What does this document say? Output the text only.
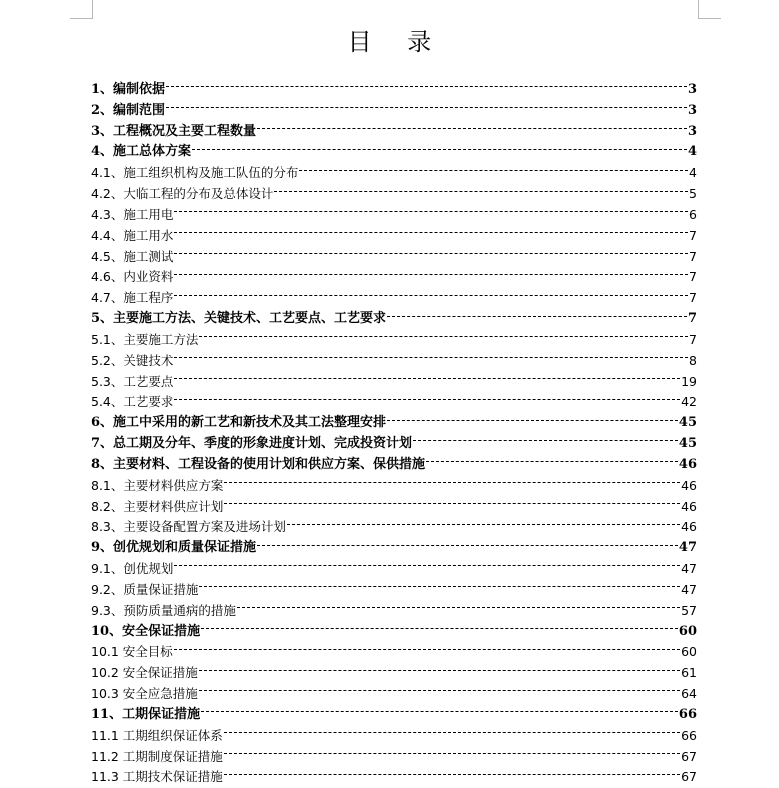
目 录
1、编制依据	3
2、编制范围	3
3、工程概况及主要工程数量	3
4、施工总体方案	4
4.1、施工组织机构及施工队伍的分布	4
4.2、大临工程的分布及总体设计	5
4.3、施工用电	6
4.4、施工用水	7
4.5、施工测试	7
4.6、内业资料	7
4.7、施工程序	7
5、主要施工方法、关键技术、工艺要点、工艺要求	7
5.1、主要施工方法	7
5.2、关键技术	8
5.3、工艺要点	19
5.4、工艺要求	42
6、施工中采用的新工艺和新技术及其工法整理安排	45
7、总工期及分年、季度的形象进度计划、完成投资计划	45
8、主要材料、工程设备的使用计划和供应方案、保供措施	46
8.1、主要材料供应方案	46
8.2、主要材料供应计划	46
8.3、主要设备配置方案及进场计划	46
9、创优规划和质量保证措施	47
9.1、创优规划	47
9.2、质量保证措施	47
9.3、预防质量通病的措施	57
10、安全保证措施	60
10.1 安全目标	60
10.2 安全保证措施	61
10.3 安全应急措施	64
11、工期保证措施	66
11.1 工期组织保证体系	66
11.2 工期制度保证措施	67
11.3 工期技术保证措施	67
